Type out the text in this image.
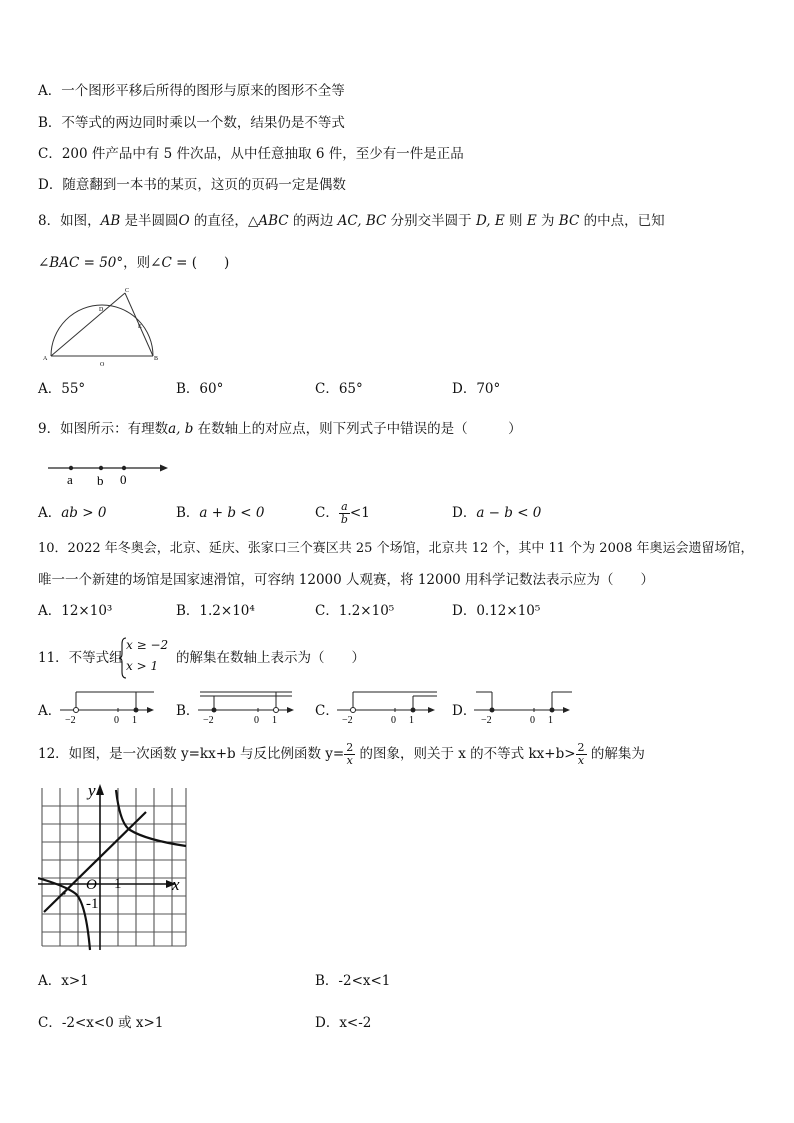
A．一个图形平移后所得的图形与原来的图形不全等
B．不等式的两边同时乘以一个数，结果仍是不等式
C．200 件产品中有 5 件次品，从中任意抽取 6 件，至少有一件是正品
D．随意翻到一本书的某页，这页的页码一定是偶数
8．如图，AB 是半圆圆O 的直径，△ABC 的两边 AC, BC 分别交半圆于 D, E 则 E 为 BC 的中点，已知
∠BAC = 50°，则∠C = (　　)
A	B
C
D
E
O
A．55°	B．60°	C．65°	D．70°
9．如图所示：有理数a, b 在数轴上的对应点，则下列式子中错误的是（　　　）
a b 0
A．ab > 0	B．a + b < 0	C． $\frac{a}{b} <1$	D．a − b < 0
10．2022 年冬奥会，北京、延庆、张家口三个赛区共 25 个场馆，北京共 12 个，其中 11 个为 2008 年奥运会遗留场馆，
唯一一个新建的场馆是国家速滑馆，可容纳 12000 人观赛，将 12000 用科学记数法表示应为（　　）
A．12×10³	B．1.2×10⁴	C．1.2×10⁵	D．0.12×10⁵
11．不等式组
x ≥ −2
x > 1	的解集在数轴上表示为（　　）
A．
−2	0 1
B．
−2	0 1
C．
−2	0 1
D．
−2	0 1
12．如图，是一次函数 y=kx+b 与反比例函数 $y= \frac{2}{x}$ 的图象，则关于 x 的不等式 $kx+b> \frac{2}{x}$ 的解集为
y
x
O 1
-1
A．x>1	B．-2<x<1
C．-2<x<0 或 x>1	D．x<-2
